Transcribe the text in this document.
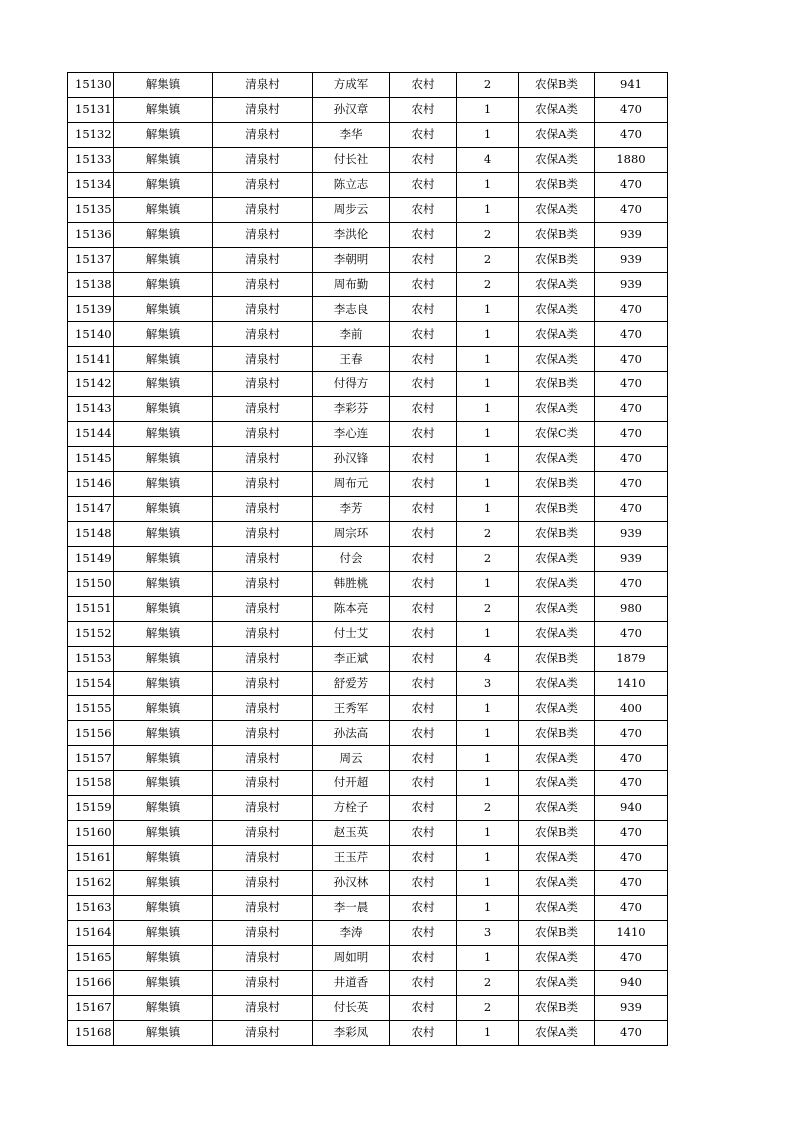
15130	解集镇	清泉村	方成军	农村	2	农保B类	941
15131	解集镇	清泉村	孙汉章	农村	1	农保A类	470
15132	解集镇	清泉村	李华	农村	1	农保A类	470
15133	解集镇	清泉村	付长社	农村	4	农保A类	1880
15134	解集镇	清泉村	陈立志	农村	1	农保B类	470
15135	解集镇	清泉村	周步云	农村	1	农保A类	470
15136	解集镇	清泉村	李洪伦	农村	2	农保B类	939
15137	解集镇	清泉村	李朝明	农村	2	农保B类	939
15138	解集镇	清泉村	周布勤	农村	2	农保A类	939
15139	解集镇	清泉村	李志良	农村	1	农保A类	470
15140	解集镇	清泉村	李前	农村	1	农保A类	470
15141	解集镇	清泉村	王春	农村	1	农保A类	470
15142	解集镇	清泉村	付得方	农村	1	农保B类	470
15143	解集镇	清泉村	李彩芬	农村	1	农保A类	470
15144	解集镇	清泉村	李心连	农村	1	农保C类	470
15145	解集镇	清泉村	孙汉锋	农村	1	农保A类	470
15146	解集镇	清泉村	周布元	农村	1	农保B类	470
15147	解集镇	清泉村	李芳	农村	1	农保B类	470
15148	解集镇	清泉村	周宗环	农村	2	农保B类	939
15149	解集镇	清泉村	付会	农村	2	农保A类	939
15150	解集镇	清泉村	韩胜桃	农村	1	农保A类	470
15151	解集镇	清泉村	陈本亮	农村	2	农保A类	980
15152	解集镇	清泉村	付士艾	农村	1	农保A类	470
15153	解集镇	清泉村	李正斌	农村	4	农保B类	1879
15154	解集镇	清泉村	舒爱芳	农村	3	农保A类	1410
15155	解集镇	清泉村	王秀军	农村	1	农保A类	400
15156	解集镇	清泉村	孙法高	农村	1	农保B类	470
15157	解集镇	清泉村	周云	农村	1	农保A类	470
15158	解集镇	清泉村	付开超	农村	1	农保A类	470
15159	解集镇	清泉村	方栓子	农村	2	农保A类	940
15160	解集镇	清泉村	赵玉英	农村	1	农保B类	470
15161	解集镇	清泉村	王玉芹	农村	1	农保A类	470
15162	解集镇	清泉村	孙汉林	农村	1	农保A类	470
15163	解集镇	清泉村	李一晨	农村	1	农保A类	470
15164	解集镇	清泉村	李涛	农村	3	农保B类	1410
15165	解集镇	清泉村	周如明	农村	1	农保A类	470
15166	解集镇	清泉村	井道香	农村	2	农保A类	940
15167	解集镇	清泉村	付长英	农村	2	农保B类	939
15168	解集镇	清泉村	李彩凤	农村	1	农保A类	470
